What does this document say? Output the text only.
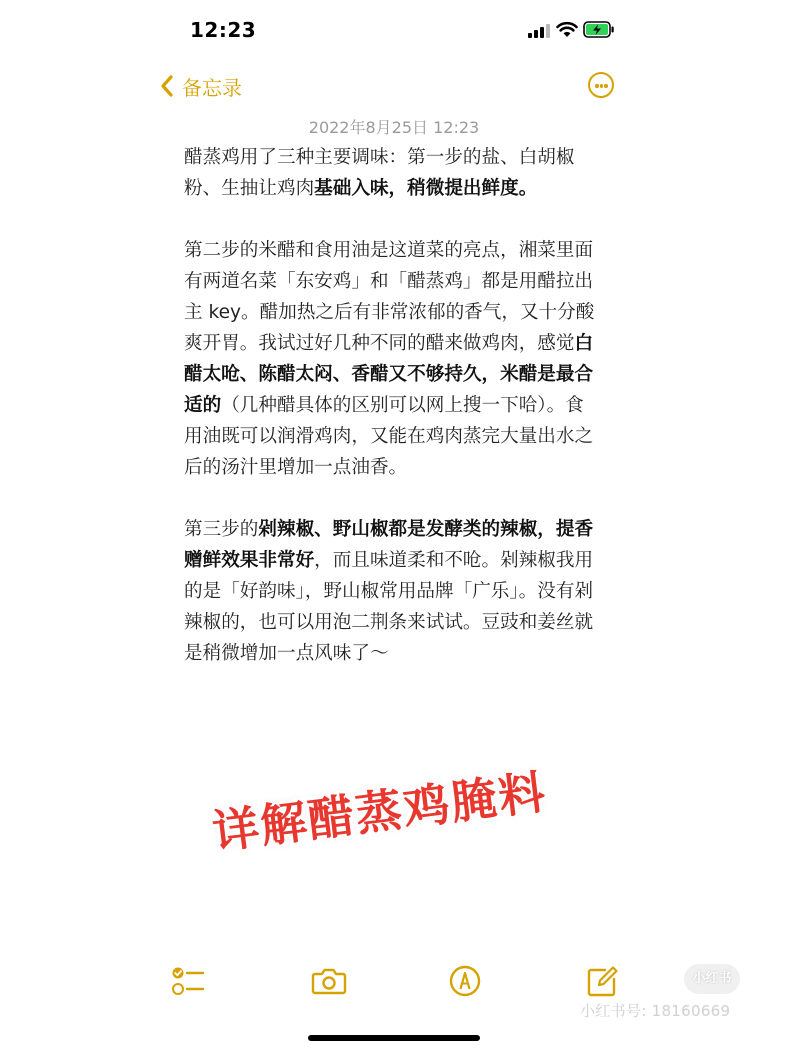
12:23
备忘录
2022年8月25日 12:23

醋蒸鸡用了三种主要调味：第一步的盐、白胡椒粉、生抽让鸡肉基础入味，稍微提出鲜度。

第二步的米醋和食用油是这道菜的亮点，湘菜里面有两道名菜「东安鸡」和「醋蒸鸡」都是用醋拉出主 key。醋加热之后有非常浓郁的香气，又十分酸爽开胃。我试过好几种不同的醋来做鸡肉，感觉白醋太呛、陈醋太闷、香醋又不够持久，米醋是最合适的（几种醋具体的区别可以网上搜一下哈）。食用油既可以润滑鸡肉，又能在鸡肉蒸完大量出水之后的汤汁里增加一点油香。

第三步的剁辣椒、野山椒都是发酵类的辣椒，提香赠鲜效果非常好，而且味道柔和不呛。剁辣椒我用的是「好韵味」，野山椒常用品牌「广乐」。没有剁辣椒的，也可以用泡二荆条来试试。豆豉和姜丝就是稍微增加一点风味了～

详解醋蒸鸡腌料
小红书
小红书号: 18160669
